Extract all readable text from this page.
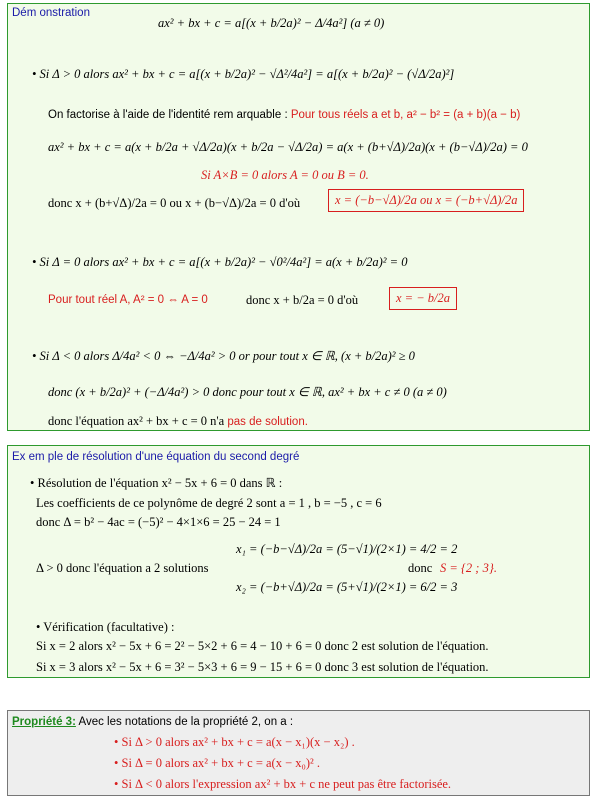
Dém onstration
ax² + bx + c = a[(x + b/2a)² − Δ/4a²] (a ≠ 0)
• Si Δ > 0 alors ax² + bx + c = a[(x + b/2a)² − √Δ²/4a²] = a[(x + b/2a)² − (√Δ/2a)²]
On factorise à l'aide de l'identité rem arquable : Pour tous réels a et b, a² − b² = (a + b)(a − b)
ax² + bx + c = a(x + b/2a + √Δ/2a)(x + b/2a − √Δ/2a) = a(x + (b+√Δ)/2a)(x + (b−√Δ)/2a) = 0
Si A×B = 0 alors A = 0 ou B = 0.
donc x + (b+√Δ)/2a = 0 ou x + (b−√Δ)/2a = 0 d'où	x = (−b−√Δ)/2a ou x = (−b+√Δ)/2a
• Si Δ = 0 alors ax² + bx + c = a[(x + b/2a)² − √0²/4a²] = a(x + b/2a)² = 0
Pour tout réel A, A² = 0 ⇔ A = 0	donc x + b/2a = 0 d'où	x = − b/2a
• Si Δ < 0 alors Δ/4a² < 0 ⇔ −Δ/4a² > 0 or pour tout x ∈ ℝ, (x + b/2a)² ≥ 0
donc (x + b/2a)² + (−Δ/4a²) > 0 donc pour tout x ∈ ℝ, ax² + bx + c ≠ 0 (a ≠ 0)
donc l'équation ax² + bx + c = 0 n'a pas de solution.
Ex em ple de résolution d'une équation du second degré
• Résolution de l'équation x² − 5x + 6 = 0 dans ℝ :
Les coefficients de ce polynôme de degré 2 sont a = 1 , b = −5 , c = 6
donc Δ = b² − 4ac = (−5)² − 4×1×6 = 25 − 24 = 1
Δ > 0 donc l'équation a 2 solutions
x₁ = (−b−√Δ)/2a = (5−√1)/(2×1) = 4/2 = 2
x₂ = (−b+√Δ)/2a = (5+√1)/(2×1) = 6/2 = 3
donc S = {2 ; 3}.
• Vérification (facultative) :
Si x = 2 alors x² − 5x + 6 = 2² − 5×2 + 6 = 4 − 10 + 6 = 0 donc 2 est solution de l'équation.
Si x = 3 alors x² − 5x + 6 = 3² − 5×3 + 6 = 9 − 15 + 6 = 0 donc 3 est solution de l'équation.
Propriété 3: Avec les notations de la propriété 2, on a :
• Si Δ > 0 alors ax² + bx + c = a(x − x₁)(x − x₂) .
• Si Δ = 0 alors ax² + bx + c = a(x − x₀)² .
• Si Δ < 0 alors l'expression ax² + bx + c ne peut pas être factorisée.
